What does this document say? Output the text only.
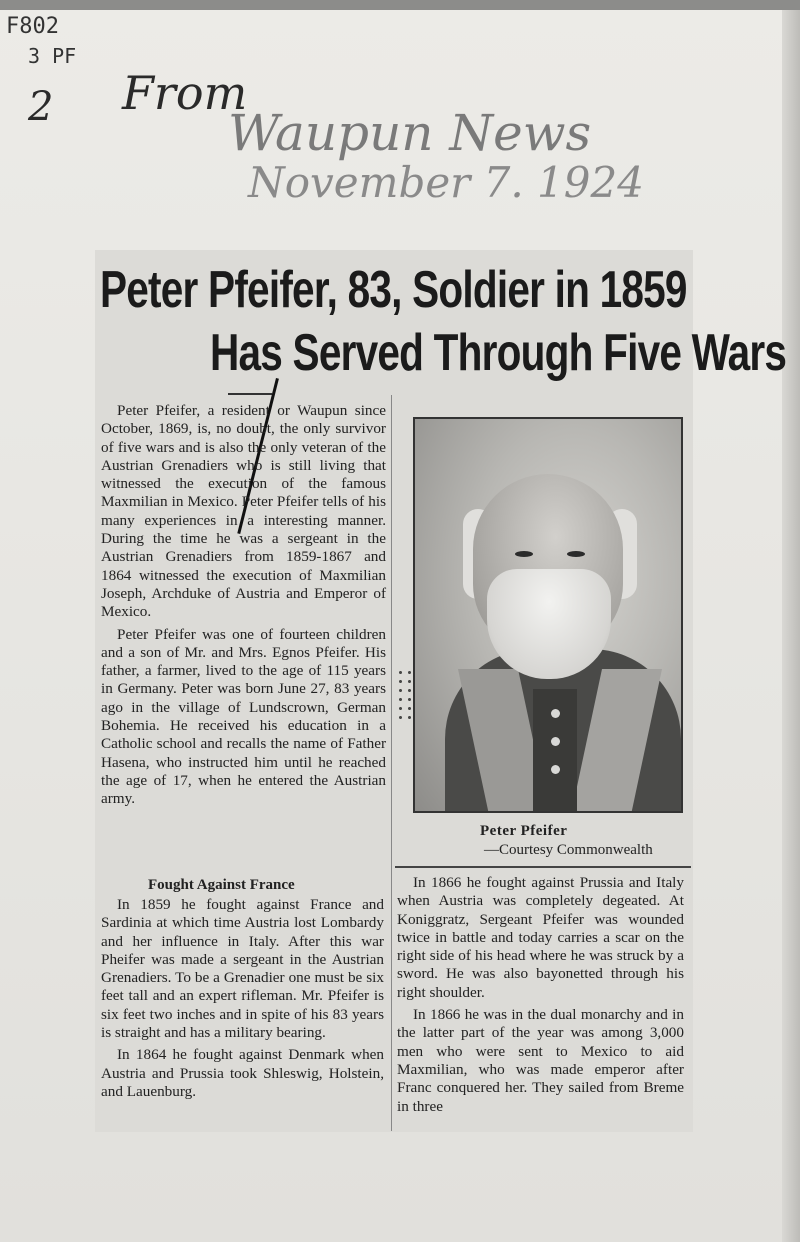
F802
3 PF
2 From
Waupun News
November 7. 1924
Peter Pfeifer, 83, Soldier in 1859
Has Served Through Five Wars

Peter Pfeifer, a resident or Waupun since October, 1869, is, no doubt, the only survivor of five wars and is also the only veteran of the Austrian Grenadiers who is still living that witnessed the execution of the famous Maxmilian in Mexico. Peter Pfeifer tells of his many experiences in a interesting manner. During the time he was a sergeant in the Austrian Grenadiers from 1859-1867 and 1864 witnessed the execution of Maxmilian Joseph, Archduke of Austria and Emperor of Mexico.

Peter Pfeifer was one of fourteen children and a son of Mr. and Mrs. Egnos Pfeifer. His father, a farmer, lived to the age of 115 years in Germany. Peter was born June 27, 83 years ago in the village of Lundscrown, German Bohemia. He received his education in a Catholic school and recalls the name of Father Hasena, who instructed him until he reached the age of 17, when he entered the Austrian army.

Fought Against France

In 1859 he fought against France and Sardinia at which time Austria lost Lombardy and her influence in Italy. After this war Pheifer was made a sergeant in the Austrian Grenadiers. To be a Grenadier one must be six feet tall and an expert rifleman. Mr. Pfeifer is six feet two inches and in spite of his 83 years is straight and has a military bearing.

In 1864 he fought against Denmark when Austria and Prussia took Shleswig, Holstein, and Lauenburg.

Peter Pfeifer
—Courtesy Commonwealth

In 1866 he fought against Prussia and Italy when Austria was completely degeated. At Koniggratz, Sergeant Pfeifer was wounded twice in battle and today carries a scar on the right side of his head where he was struck by a sword. He was also bayonetted through his right shoulder.

In 1866 he was in the dual monarchy and in the latter part of the year was among 3,000 men who were sent to Mexico to aid Maxmilian, who was made emperor after Franc conquered her. They sailed from Breme in three
